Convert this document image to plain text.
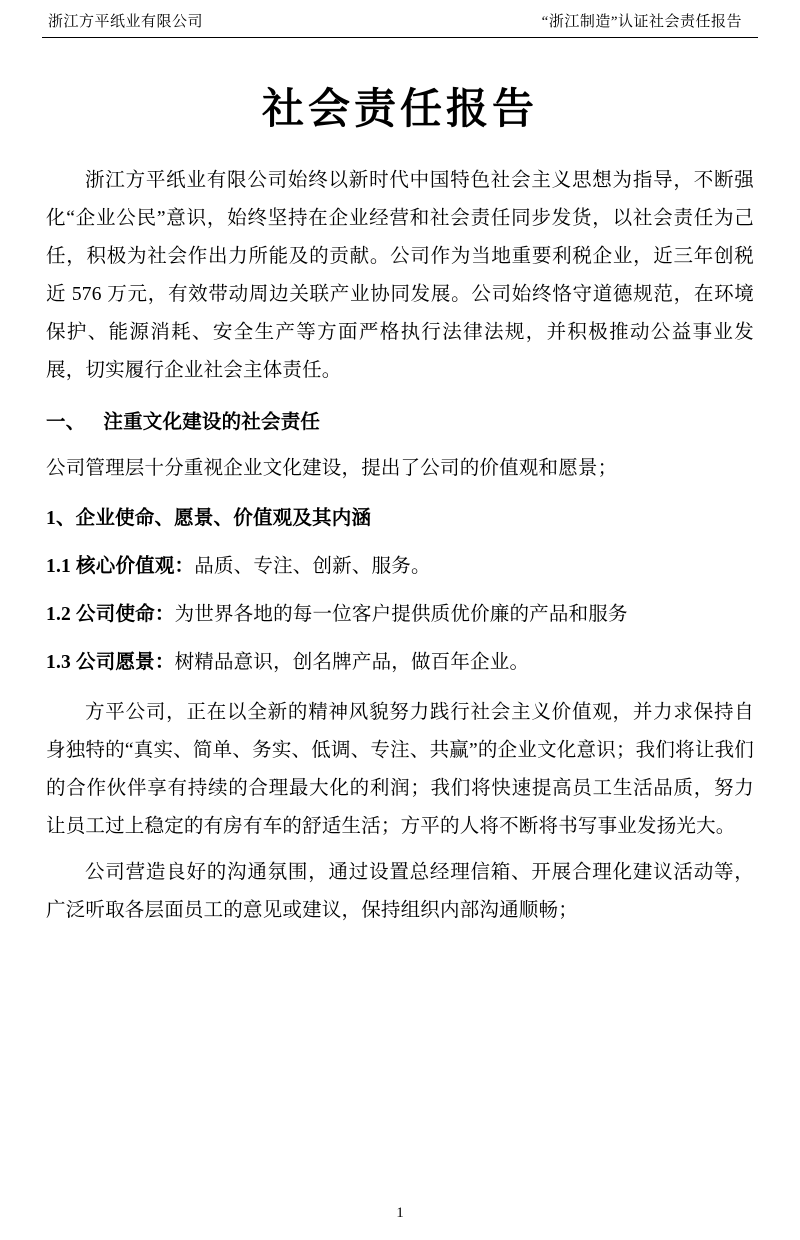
浙江方平纸业有限公司	“浙江制造”认证社会责任报告
社会责任报告

浙江方平纸业有限公司始终以新时代中国特色社会主义思想为指导，不断强化“企业公民”意识，始终坚持在企业经营和社会责任同步发货，以社会责任为己任，积极为社会作出力所能及的贡献。公司作为当地重要利税企业，近三年创税近 576 万元，有效带动周边关联产业协同发展。公司始终恪守道德规范，在环境保护、能源消耗、安全生产等方面严格执行法律法规，并积极推动公益事业发展，切实履行企业社会主体责任。

一、 注重文化建设的社会责任

公司管理层十分重视企业文化建设，提出了公司的价值观和愿景；

1、企业使命、愿景、价值观及其内涵
1.1 核心价值观：品质、专注、创新、服务。
1.2 公司使命：为世界各地的每一位客户提供质优价廉的产品和服务
1.3 公司愿景：树精品意识，创名牌产品，做百年企业。

方平公司，正在以全新的精神风貌努力践行社会主义价值观，并力求保持自身独特的“真实、简单、务实、低调、专注、共赢”的企业文化意识；我们将让我们的合作伙伴享有持续的合理最大化的利润；我们将快速提高员工生活品质，努力让员工过上稳定的有房有车的舒适生活；方平的人将不断将书写事业发扬光大。

公司营造良好的沟通氛围，通过设置总经理信箱、开展合理化建议活动等，广泛听取各层面员工的意见或建议，保持组织内部沟通顺畅；

1
